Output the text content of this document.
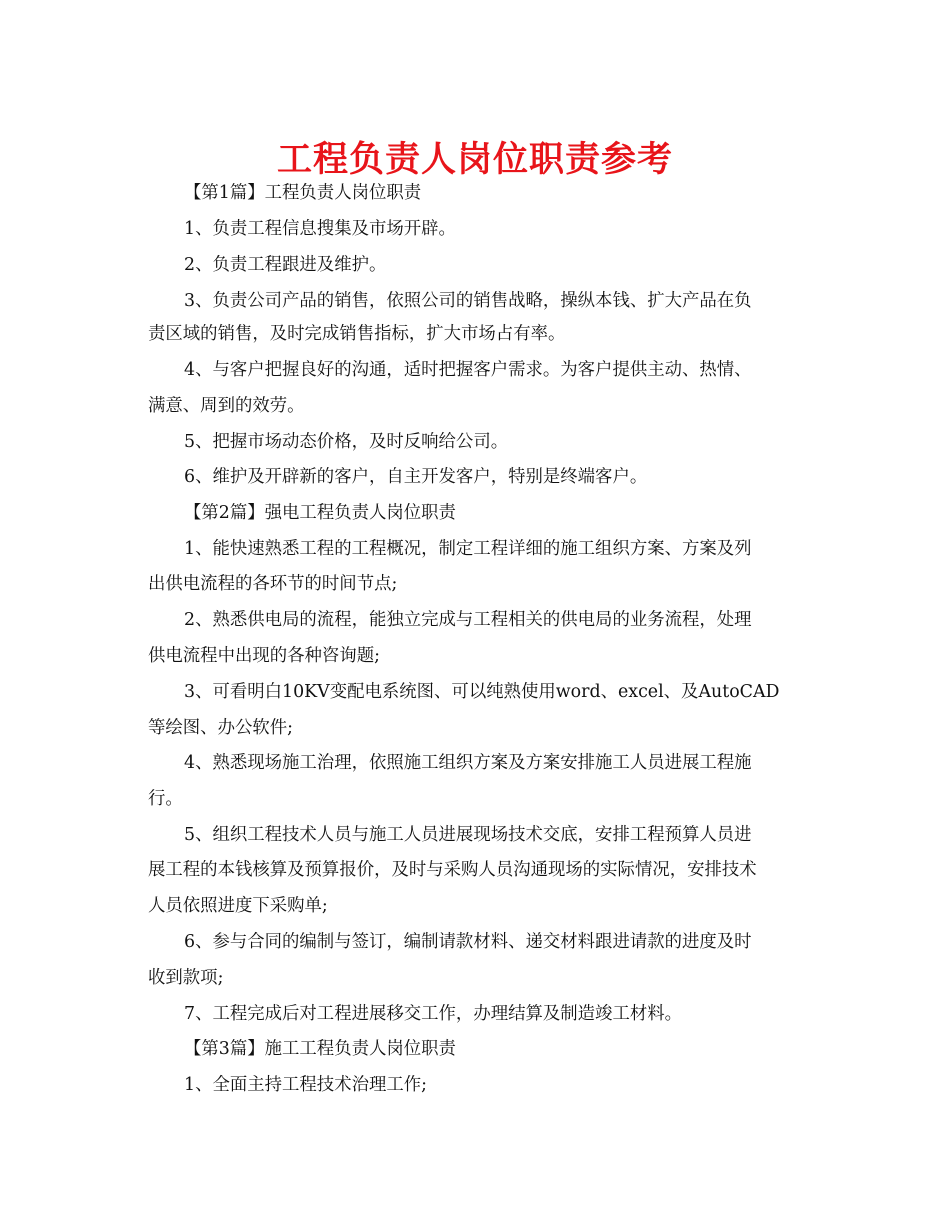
工程负责人岗位职责参考
【第1篇】工程负责人岗位职责
1、负责工程信息搜集及市场开辟。
2、负责工程跟进及维护。
3、负责公司产品的销售，依照公司的销售战略，操纵本钱、扩大产品在负
责区域的销售，及时完成销售指标，扩大市场占有率。
4、与客户把握良好的沟通，适时把握客户需求。为客户提供主动、热情、
满意、周到的效劳。
5、把握市场动态价格，及时反响给公司。
6、维护及开辟新的客户，自主开发客户，特别是终端客户。
【第2篇】强电工程负责人岗位职责
1、能快速熟悉工程的工程概况，制定工程详细的施工组织方案、方案及列
出供电流程的各环节的时间节点;
2、熟悉供电局的流程，能独立完成与工程相关的供电局的业务流程，处理
供电流程中出现的各种咨询题;
3、可看明白10KV变配电系统图、可以纯熟使用word、excel、及AutoCAD
等绘图、办公软件;
4、熟悉现场施工治理，依照施工组织方案及方案安排施工人员进展工程施
行。
5、组织工程技术人员与施工人员进展现场技术交底，安排工程预算人员进
展工程的本钱核算及预算报价，及时与采购人员沟通现场的实际情况，安排技术
人员依照进度下采购单;
6、参与合同的编制与签订，编制请款材料、递交材料跟进请款的进度及时
收到款项;
7、工程完成后对工程进展移交工作，办理结算及制造竣工材料。
【第3篇】施工工程负责人岗位职责
1、全面主持工程技术治理工作;
